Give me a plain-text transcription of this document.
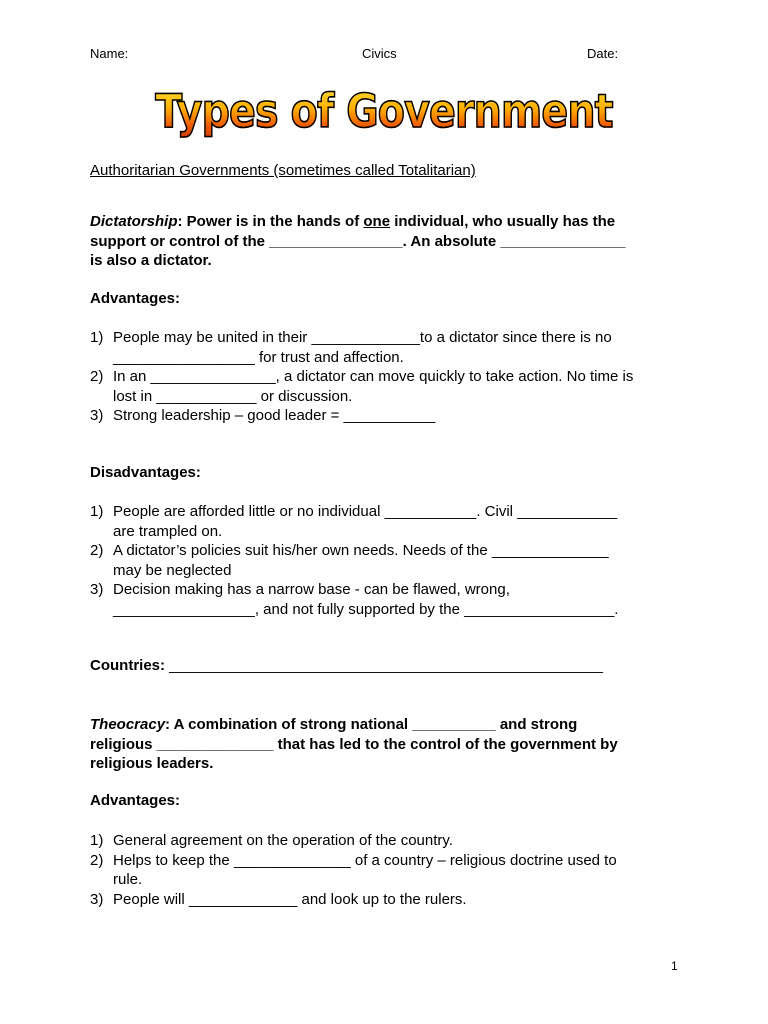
Name:	Civics	Date:
Types of Government
Authoritarian Governments (sometimes called Totalitarian)

Dictatorship: Power is in the hands of one individual, who usually has the

support or control of the ________________. An absolute _______________

is also a dictator.

Advantages:
1) People may be united in their _____________to a dictator since there is no
_________________ for trust and affection.
2) In an _______________, a dictator can move quickly to take action. No time is
lost in ____________ or discussion.
3) Strong leadership – good leader = ___________
Disadvantages:
1) People are afforded little or no individual ___________. Civil ____________
are trampled on.
2) A dictator’s policies suit his/her own needs. Needs of the ______________
may be neglected
3) Decision making has a narrow base - can be flawed, wrong,
_________________, and not fully supported by the __________________.
Countries: ____________________________________________________

Theocracy: A combination of strong national __________ and strong

religious ______________ that has led to the control of the government by

religious leaders.

Advantages:
1) General agreement on the operation of the country.
2) Helps to keep the ______________ of a country – religious doctrine used to
rule.
3) People will _____________ and look up to the rulers.
1
